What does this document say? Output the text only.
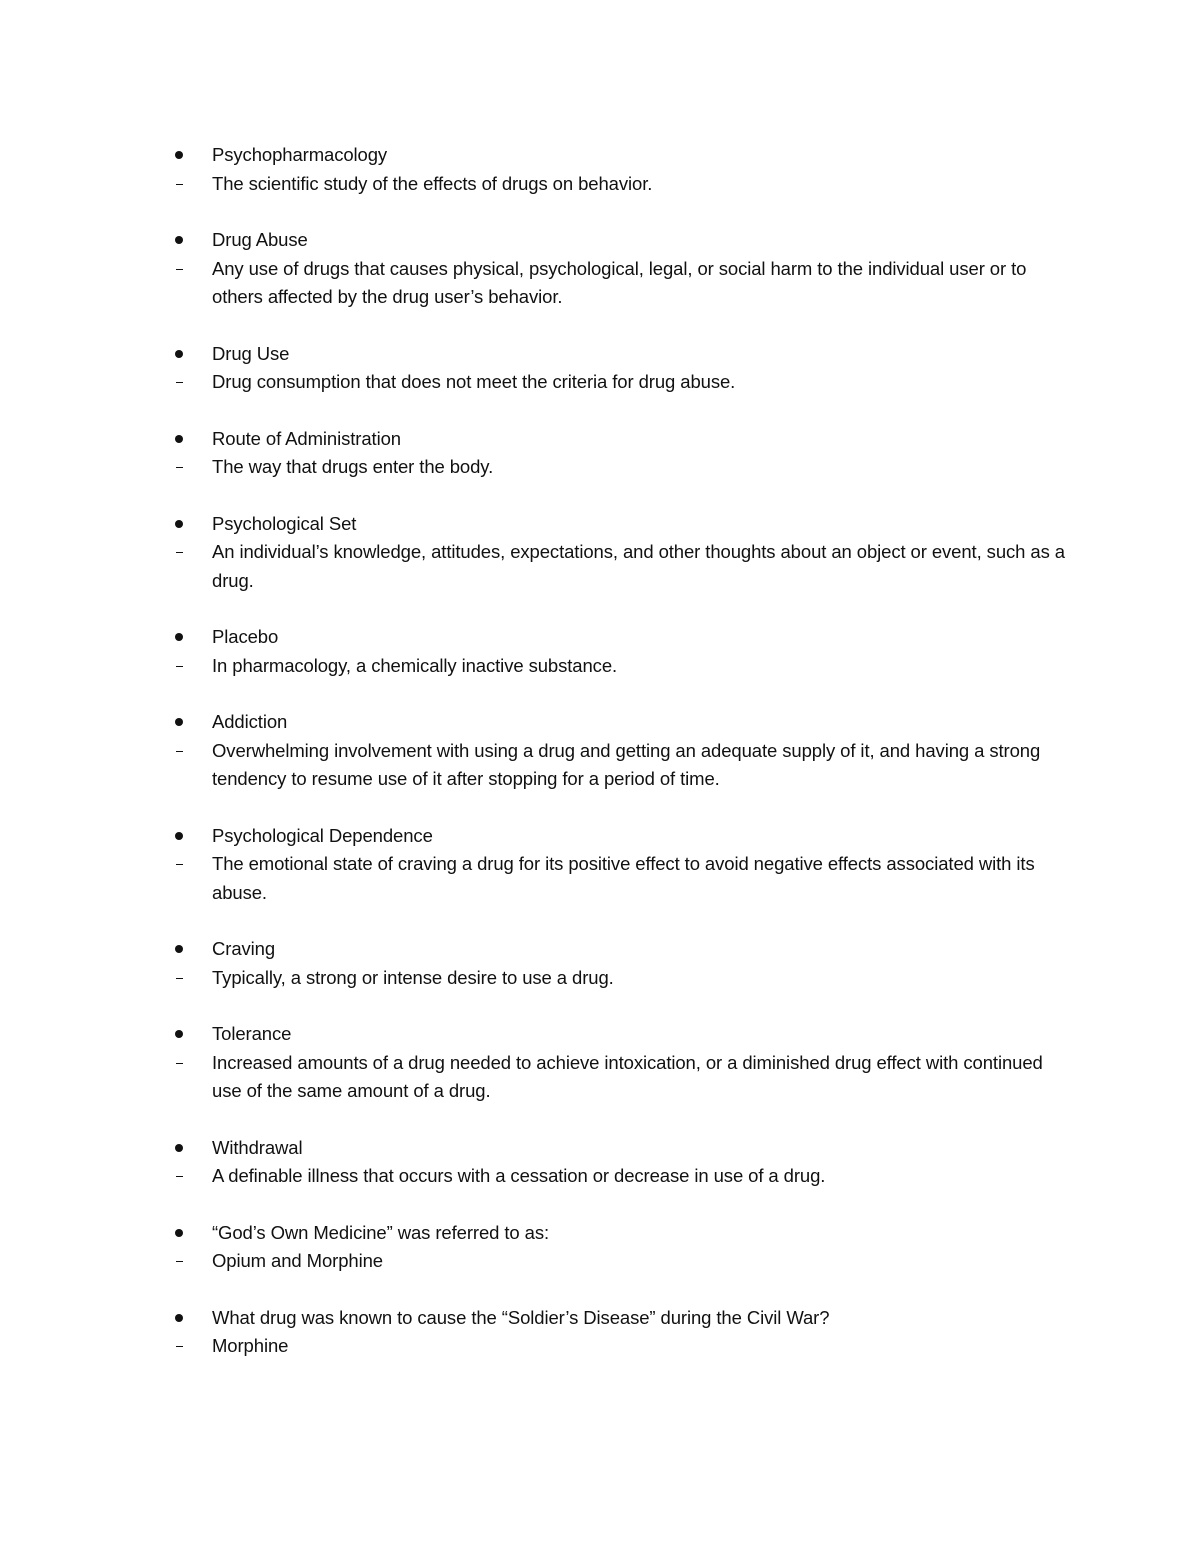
Psychopharmacology
The scientific study of the effects of drugs on behavior.
Drug Abuse
Any use of drugs that causes physical, psychological, legal, or social harm to the individual user or to others affected by the drug user’s behavior.
Drug Use
Drug consumption that does not meet the criteria for drug abuse.
Route of Administration
The way that drugs enter the body.
Psychological Set
An individual’s knowledge, attitudes, expectations, and other thoughts about an object or event, such as a drug.
Placebo
In pharmacology, a chemically inactive substance.
Addiction
Overwhelming involvement with using a drug and getting an adequate supply of it, and having a strong tendency to resume use of it after stopping for a period of time.
Psychological Dependence
The emotional state of craving a drug for its positive effect to avoid negative effects associated with its abuse.
Craving
Typically, a strong or intense desire to use a drug.
Tolerance
Increased amounts of a drug needed to achieve intoxication, or a diminished drug effect with continued use of the same amount of a drug.
Withdrawal
A definable illness that occurs with a cessation or decrease in use of a drug.
“God’s Own Medicine” was referred to as:
Opium and Morphine
What drug was known to cause the “Soldier’s Disease” during the Civil War?
Morphine
